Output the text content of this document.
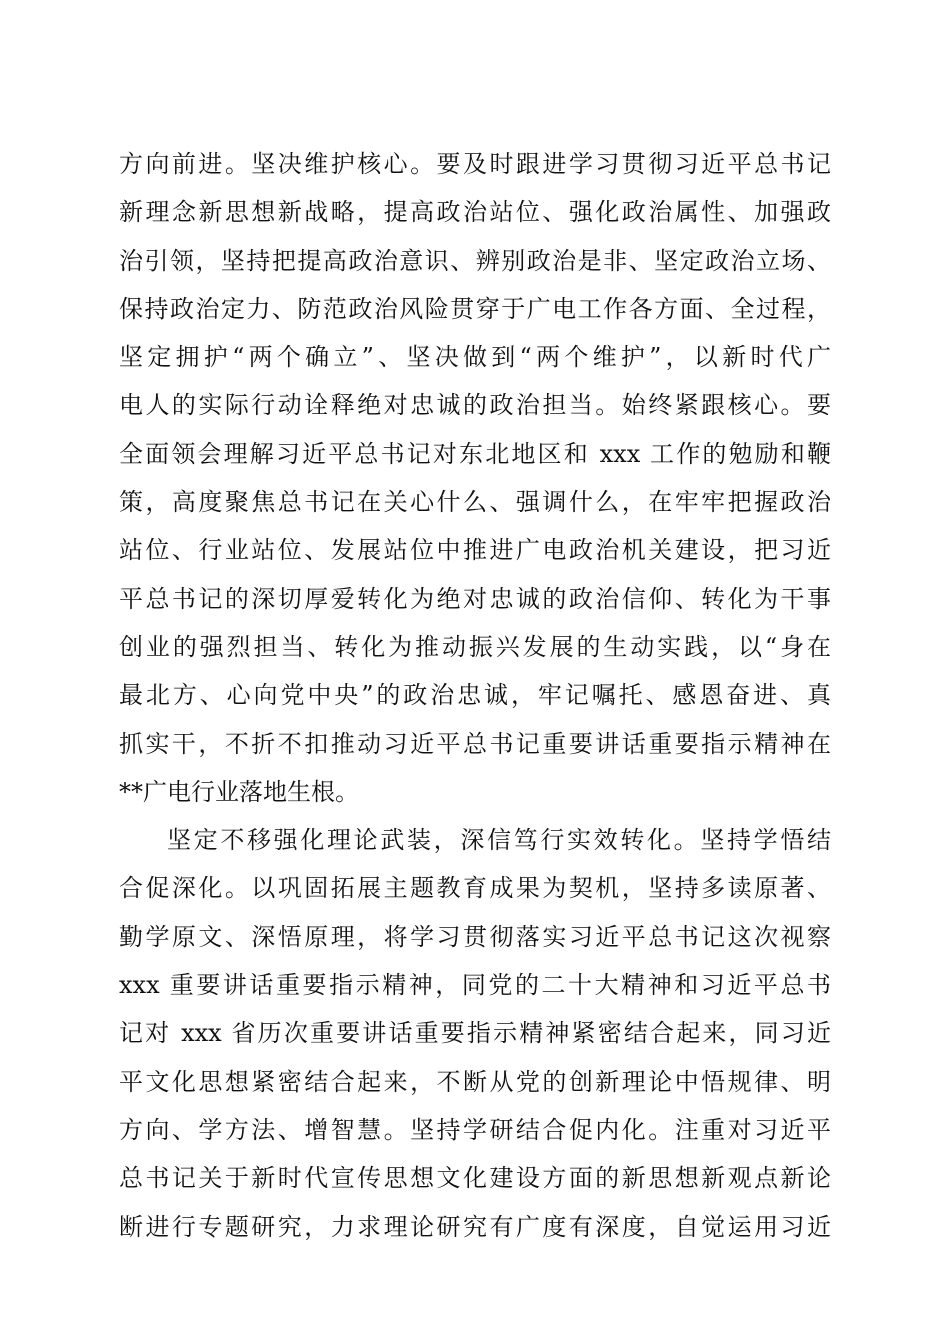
方向前进。坚决维护核心。要及时跟进学习贯彻习近平总书记
新理念新思想新战略，提高政治站位、强化政治属性、加强政
治引领，坚持把提高政治意识、辨别政治是非、坚定政治立场、
保持政治定力、防范政治风险贯穿于广电工作各方面、全过程，
坚定拥护“两个确立”、坚决做到“两个维护”，以新时代广
电人的实际行动诠释绝对忠诚的政治担当。始终紧跟核心。要
全面领会理解习近平总书记对东北地区和 xxx 工作的勉励和鞭
策，高度聚焦总书记在关心什么、强调什么，在牢牢把握政治
站位、行业站位、发展站位中推进广电政治机关建设，把习近
平总书记的深切厚爱转化为绝对忠诚的政治信仰、转化为干事
创业的强烈担当、转化为推动振兴发展的生动实践，以“身在
最北方、心向党中央”的政治忠诚，牢记嘱托、感恩奋进、真
抓实干，不折不扣推动习近平总书记重要讲话重要指示精神在
**广电行业落地生根。
坚定不移强化理论武装，深信笃行实效转化。坚持学悟结
合促深化。以巩固拓展主题教育成果为契机，坚持多读原著、
勤学原文、深悟原理，将学习贯彻落实习近平总书记这次视察
xxx 重要讲话重要指示精神，同党的二十大精神和习近平总书
记对 xxx 省历次重要讲话重要指示精神紧密结合起来，同习近
平文化思想紧密结合起来，不断从党的创新理论中悟规律、明
方向、学方法、增智慧。坚持学研结合促内化。注重对习近平
总书记关于新时代宣传思想文化建设方面的新思想新观点新论
断进行专题研究，力求理论研究有广度有深度，自觉运用习近
